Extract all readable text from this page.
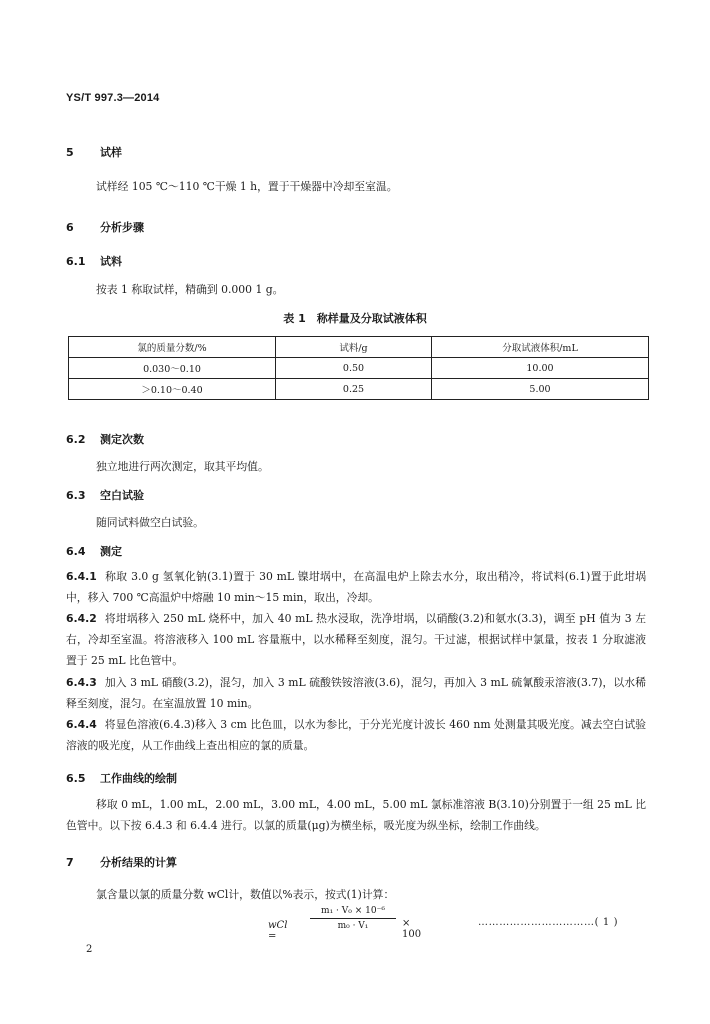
YS/T 997.3—2014
5 试样
试样经 105 ℃～110 ℃干燥 1 h，置于干燥器中冷却至室温。
6 分析步骤
6.1 试料
按表 1 称取试样，精确到 0.000 1 g。
表 1　称样量及分取试液体积
氯的质量分数/%	试料/g	分取试液体积/mL
0.030～0.10	0.50	10.00
＞0.10～0.40	0.25	5.00
6.2 测定次数
独立地进行两次测定，取其平均值。
6.3 空白试验
随同试料做空白试验。
6.4 测定
6.4.1 称取 3.0 g 氢氧化钠(3.1)置于 30 mL 镍坩埚中，在高温电炉上除去水分，取出稍冷，将试料(6.1)置于此坩埚中，移入 700 ℃高温炉中熔融 10 min～15 min，取出，冷却。
6.4.2 将坩埚移入 250 mL 烧杯中，加入 40 mL 热水浸取，洗净坩埚，以硝酸(3.2)和氨水(3.3)，调至 pH 值为 3 左右，冷却至室温。将溶液移入 100 mL 容量瓶中，以水稀释至刻度，混匀。干过滤，根据试样中氯量，按表 1 分取滤液置于 25 mL 比色管中。
6.4.3 加入 3 mL 硝酸(3.2)，混匀，加入 3 mL 硫酸铁铵溶液(3.6)，混匀，再加入 3 mL 硫氰酸汞溶液(3.7)，以水稀释至刻度，混匀。在室温放置 10 min。
6.4.4 将显色溶液(6.4.3)移入 3 cm 比色皿，以水为参比，于分光光度计波长 460 nm 处测量其吸光度。减去空白试验溶液的吸光度，从工作曲线上查出相应的氯的质量。
6.5 工作曲线的绘制
移取 0 mL，1.00 mL，2.00 mL，3.00 mL，4.00 mL，5.00 mL 氯标准溶液 B(3.10)分别置于一组 25 mL 比色管中。以下按 6.4.3 和 6.4.4 进行。以氯的质量(μg)为横坐标，吸光度为纵坐标，绘制工作曲线。
7 分析结果的计算
氯含量以氯的质量分数 wCl计，数值以%表示，按式(1)计算：
wCl =
m₁ · V₀ × 10⁻⁶
m₀ · V₁	× 100
……………………………( 1 )
2
